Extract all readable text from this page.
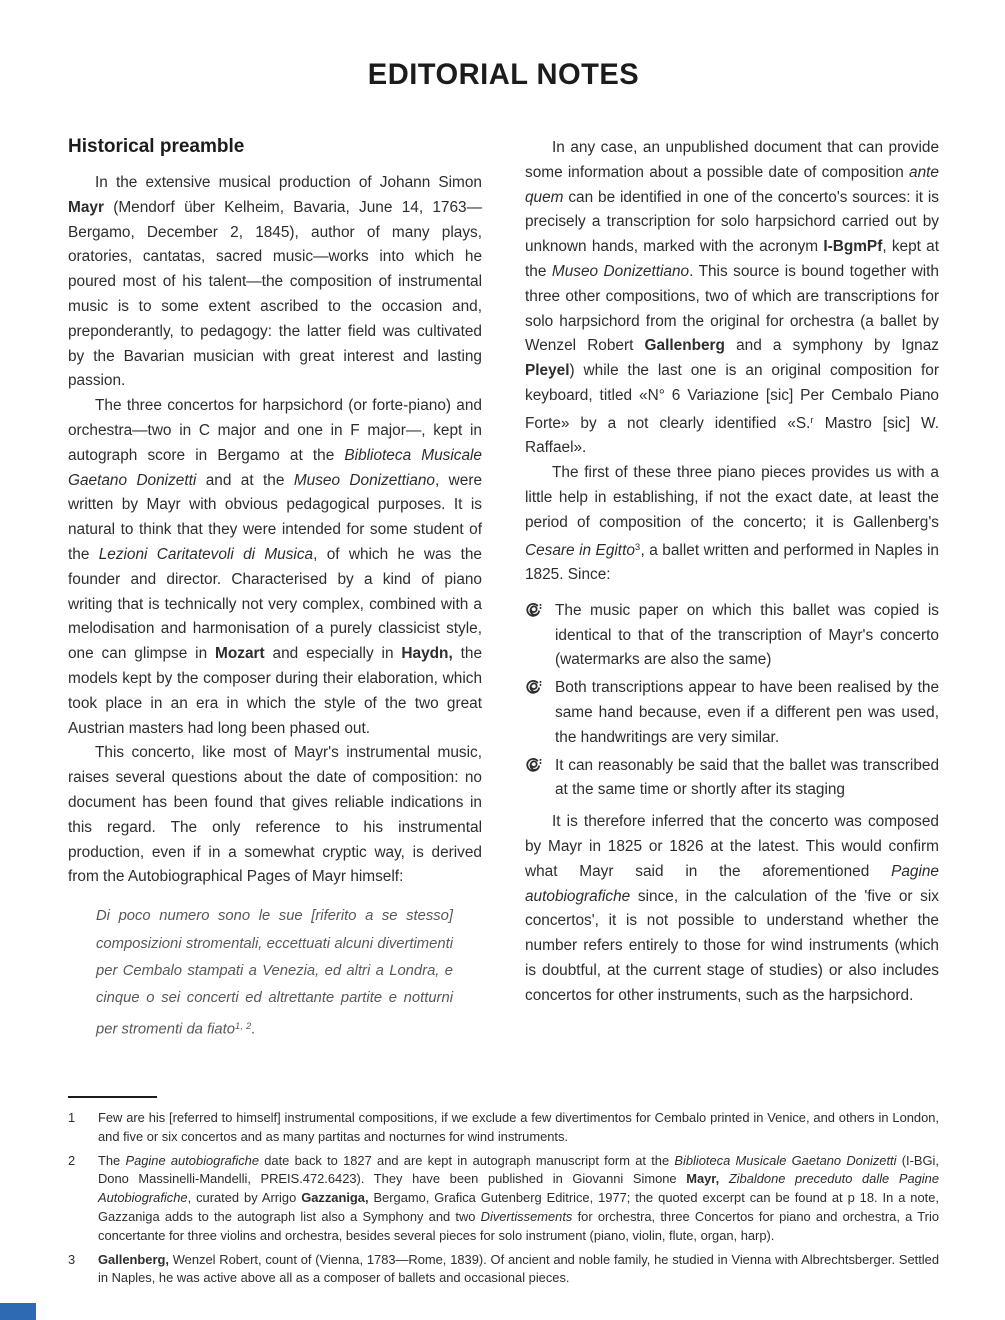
EDITORIAL NOTES
Historical preamble

In the extensive musical production of Johann Simon Mayr (Mendorf über Kelheim, Bavaria, June 14, 1763—Bergamo, December 2, 1845), author of many plays, oratories, cantatas, sacred music—works into which he poured most of his talent—the composition of instrumental music is to some extent ascribed to the occasion and, preponderantly, to pedagogy: the latter field was cultivated by the Bavarian musician with great interest and lasting passion.

The three concertos for harpsichord (or forte-piano) and orchestra—two in C major and one in F major—, kept in autograph score in Bergamo at the Biblioteca Musicale Gaetano Donizetti and at the Museo Donizettiano, were written by Mayr with obvious pedagogical purposes. It is natural to think that they were intended for some student of the Lezioni Caritatevoli di Musica, of which he was the founder and director. Characterised by a kind of piano writing that is technically not very complex, combined with a melodisation and harmonisation of a purely classicist style, one can glimpse in Mozart and especially in Haydn, the models kept by the composer during their elaboration, which took place in an era in which the style of the two great Austrian masters had long been phased out.

This concerto, like most of Mayr's instrumental music, raises several questions about the date of composition: no document has been found that gives reliable indications in this regard. The only reference to his instrumental production, even if in a somewhat cryptic way, is derived from the Autobiographical Pages of Mayr himself:

Di poco numero sono le sue [riferito a se stesso] composizioni stromentali, eccettuati alcuni divertimenti per Cembalo stampati a Venezia, ed altri a Londra, e cinque o sei concerti ed altrettante partite e notturni per stromenti da fiato$^{1, 2}$.

In any case, an unpublished document that can provide some information about a possible date of composition ante quem can be identified in one of the concerto's sources: it is precisely a transcription for solo harpsichord carried out by unknown hands, marked with the acronym I-BgmPf, kept at the Museo Donizettiano. This source is bound together with three other compositions, two of which are transcriptions for solo harpsichord from the original for orchestra (a ballet by Wenzel Robert Gallenberg and a symphony by Ignaz Pleyel) while the last one is an original composition for keyboard, titled «N° 6 Variazione [sic] Per Cembalo Piano Forte» by a not clearly identified «S.$^r$ Mastro [sic] W. Raffael».

The first of these three piano pieces provides us with a little help in establishing, if not the exact date, at least the period of composition of the concerto; it is Gallenberg's Cesare in Egitto$^3$, a ballet written and performed in Naples in 1825. Since:

The music paper on which this ballet was copied is identical to that of the transcription of Mayr's concerto (watermarks are also the same)
Both transcriptions appear to have been realised by the same hand because, even if a different pen was used, the handwritings are very similar.
It can reasonably be said that the ballet was transcribed at the same time or shortly after its staging

It is therefore inferred that the concerto was composed by Mayr in 1825 or 1826 at the latest. This would confirm what Mayr said in the aforementioned Pagine autobiografiche since, in the calculation of the 'five or six concertos', it is not possible to understand whether the number refers entirely to those for wind instruments (which is doubtful, at the current stage of studies) or also includes concertos for other instruments, such as the harpsichord.

1	Few are his [referred to himself] instrumental compositions, if we exclude a few divertimentos for Cembalo printed in Venice, and others in London, and five or six concertos and as many partitas and nocturnes for wind instruments.
2	The Pagine autobiografiche date back to 1827 and are kept in autograph manuscript form at the Biblioteca Musicale Gaetano Donizetti (I-BGi, Dono Massinelli-Mandelli, PREIS.472.6423). They have been published in Giovanni Simone Mayr, Zibaldone preceduto dalle Pagine Autobiografiche, curated by Arrigo Gazzaniga, Bergamo, Grafica Gutenberg Editrice, 1977; the quoted excerpt can be found at p 18. In a note, Gazzaniga adds to the autograph list also a Symphony and two Divertissements for orchestra, three Concertos for piano and orchestra, a Trio concertante for three violins and orchestra, besides several pieces for solo instrument (piano, violin, flute, organ, harp).
3	Gallenberg, Wenzel Robert, count of (Vienna, 1783—Rome, 1839). Of ancient and noble family, he studied in Vienna with Albrechtsberger. Settled in Naples, he was active above all as a composer of ballets and occasional pieces.
